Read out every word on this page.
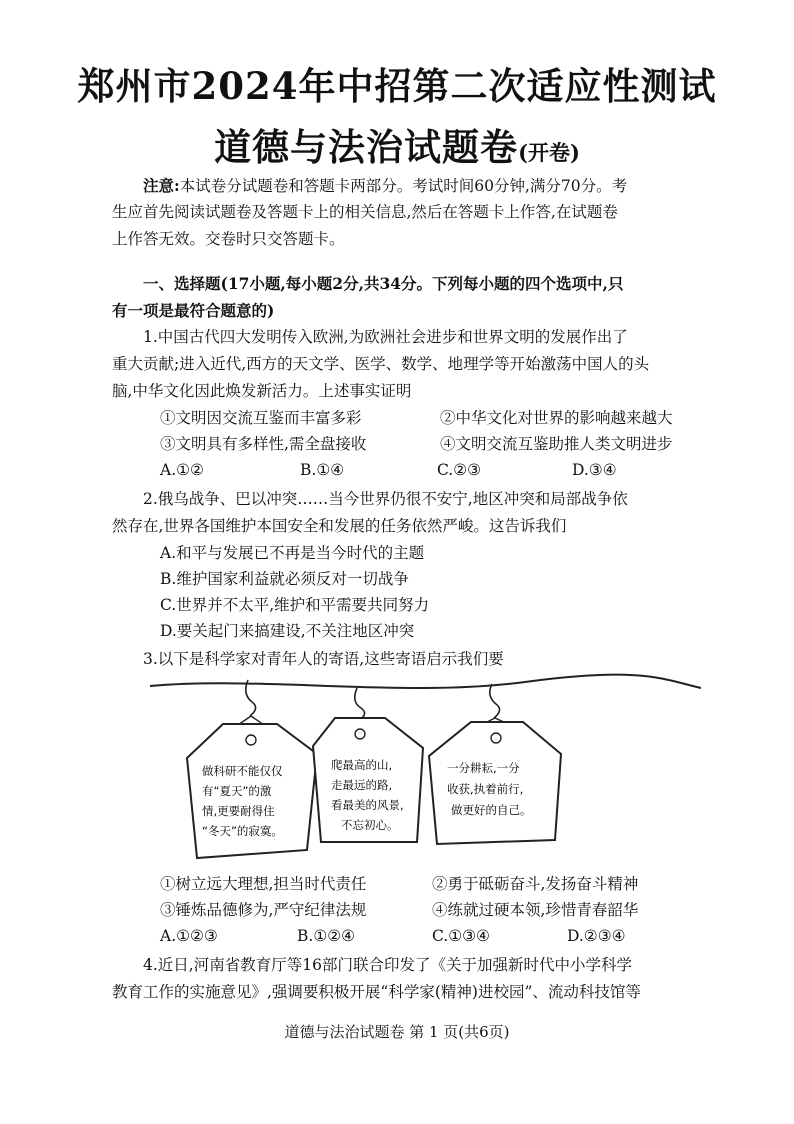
郑州市2024年中招第二次适应性测试
道德与法治试题卷(开卷)
注意:本试卷分试题卷和答题卡两部分。考试时间60分钟,满分70分。考
生应首先阅读试题卷及答题卡上的相关信息,然后在答题卡上作答,在试题卷
上作答无效。交卷时只交答题卡。
一、选择题(17小题,每小题2分,共34分。下列每小题的四个选项中,只
有一项是最符合题意的)
1.中国古代四大发明传入欧洲,为欧洲社会进步和世界文明的发展作出了
重大贡献;进入近代,西方的天文学、医学、数学、地理学等开始激荡中国人的头
脑,中华文化因此焕发新活力。上述事实证明
①文明因交流互鉴而丰富多彩	②中华文化对世界的影响越来越大
③文明具有多样性,需全盘接收	④文明交流互鉴助推人类文明进步
A.①②	B.①④	C.②③	D.③④
2.俄乌战争、巴以冲突……当今世界仍很不安宁,地区冲突和局部战争依
然存在,世界各国维护本国安全和发展的任务依然严峻。这告诉我们
A.和平与发展已不再是当今时代的主题
B.维护国家利益就必须反对一切战争
C.世界并不太平,维护和平需要共同努力
D.要关起门来搞建设,不关注地区冲突
3.以下是科学家对青年人的寄语,这些寄语启示我们要
做科研不能仅仅
有“夏天”的激
情,更要耐得住
“冬天”的寂寞。
爬最高的山,
走最远的路,
看最美的风景,
不忘初心。
一分耕耘,一分
收获,执着前行,
做更好的自己。
①树立远大理想,担当时代责任	②勇于砥砺奋斗,发扬奋斗精神
③锤炼品德修为,严守纪律法规	④练就过硬本领,珍惜青春韶华
A.①②③	B.①②④	C.①③④	D.②③④
4.近日,河南省教育厅等16部门联合印发了《关于加强新时代中小学科学
教育工作的实施意见》,强调要积极开展“科学家(精神)进校园”、流动科技馆等
道德与法治试题卷 第 1 页(共6页)
